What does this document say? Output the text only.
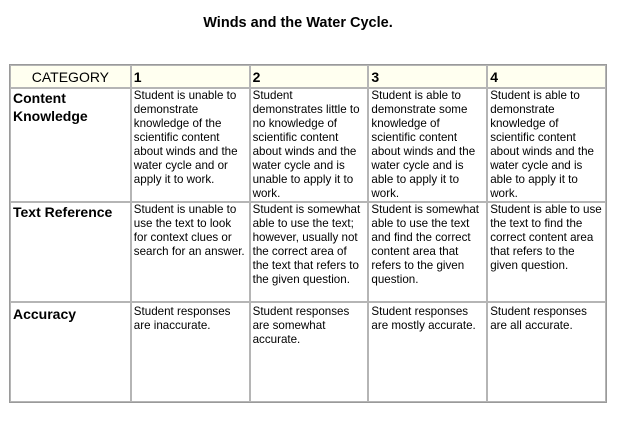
Winds and the Water Cycle.
CATEGORY	1	2	3	4
Content Knowledge	Student is unable to demonstrate knowledge of the scientific content about winds and the water cycle and or apply it to work.	Student demonstrates little to no knowledge of scientific content about winds and the water cycle and is unable to apply it to work.	Student is able to demonstrate some knowledge of scientific content about winds and the water cycle and is able to apply it to work.	Student is able to demonstrate knowledge of scientific content about winds and the water cycle and is able to apply it to work.
Text Reference	Student is unable to use the text to look for context clues or search for an answer.	Student is somewhat able to use the text; however, usually not the correct area of the text that refers to the given question.	Student is somewhat able to use the text and find the correct content area that refers to the given question.	Student is able to use the text to find the correct content area that refers to the given question.
Accuracy	Student responses are inaccurate.	Student responses are somewhat accurate.	Student responses are mostly accurate.	Student responses are all accurate.
